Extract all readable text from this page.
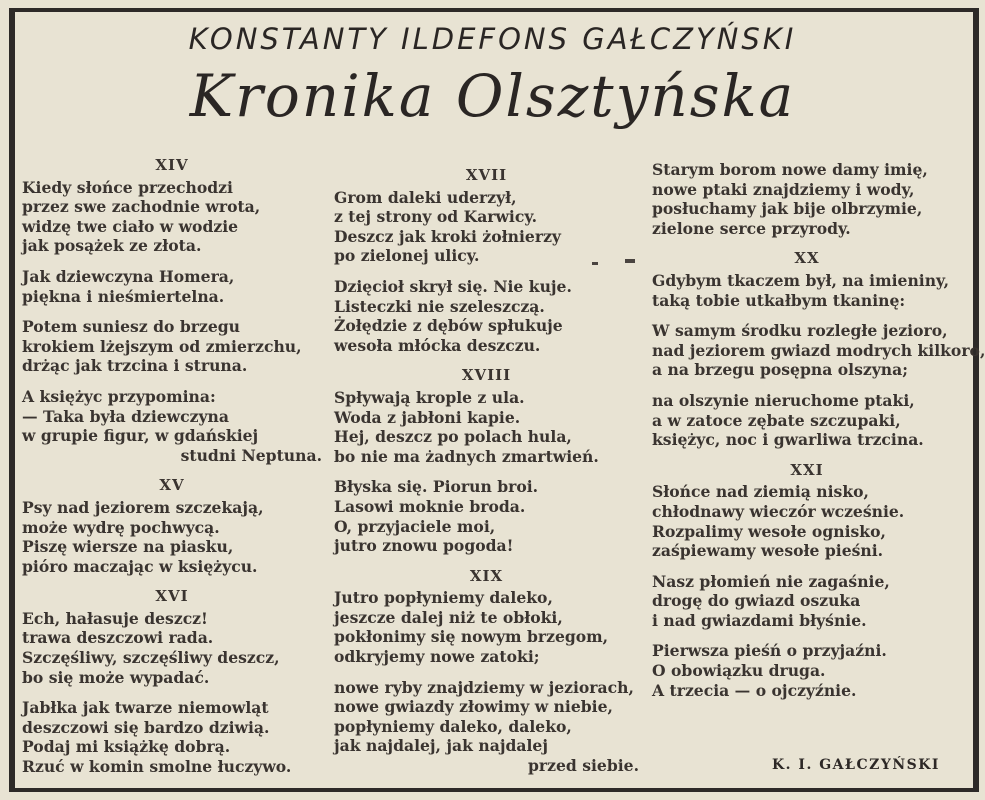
KONSTANTY ILDEFONS GAŁCZYŃSKI
Kronika Olsztyńska
XIV
Kiedy słońce przechodzi
przez swe zachodnie wrota,
widzę twe ciało w wodzie
jak posążek ze złota.
Jak dziewczyna Homera,
piękna i nieśmiertelna.
Potem suniesz do brzegu
krokiem lżejszym od zmierzchu,
drżąc jak trzcina i struna.
A księżyc przypomina:
— Taka była dziewczyna
w grupie figur, w gdańskiej
studni Neptuna.
XV
Psy nad jeziorem szczekają,
może wydrę pochwycą.
Piszę wiersze na piasku,
pióro maczając w księżycu.
XVI
Ech, hałasuje deszcz!
trawa deszczowi rada.
Szczęśliwy, szczęśliwy deszcz,
bo się może wypadać.
Jabłka jak twarze niemowląt
deszczowi się bardzo dziwią.
Podaj mi książkę dobrą.
Rzuć w komin smolne łuczywo.
XVII
Grom daleki uderzył,
z tej strony od Karwicy.
Deszcz jak kroki żołnierzy
po zielonej ulicy.
Dzięcioł skrył się. Nie kuje.
Listeczki nie szeleszczą.
Żołędzie z dębów spłukuje
wesoła młócka deszczu.
XVIII
Spływają krople z ula.
Woda z jabłoni kapie.
Hej, deszcz po polach hula,
bo nie ma żadnych zmartwień.
Błyska się. Piorun broi.
Lasowi moknie broda.
O, przyjaciele moi,
jutro znowu pogoda!
XIX
Jutro popłyniemy daleko,
jeszcze dalej niż te obłoki,
pokłonimy się nowym brzegom,
odkryjemy nowe zatoki;
nowe ryby znajdziemy w jeziorach,
nowe gwiazdy złowimy w niebie,
popłyniemy daleko, daleko,
jak najdalej, jak najdalej
przed siebie.
Starym borom nowe damy imię,
nowe ptaki znajdziemy i wody,
posłuchamy jak bije olbrzymie,
zielone serce przyrody.
XX
Gdybym tkaczem był, na imieniny,
taką tobie utkałbym tkaninę:
W samym środku rozległe jezioro,
nad jeziorem gwiazd modrych kilkoro,
a na brzegu posępna olszyna;
na olszynie nieruchome ptaki,
a w zatoce zębate szczupaki,
księżyc, noc i gwarliwa trzcina.
XXI
Słońce nad ziemią nisko,
chłodnawy wieczór wcześnie.
Rozpalimy wesołe ognisko,
zaśpiewamy wesołe pieśni.
Nasz płomień nie zagaśnie,
drogę do gwiazd oszuka
i nad gwiazdami błyśnie.
Pierwsza pieśń o przyjaźni.
O obowiązku druga.
A trzecia — o ojczyźnie.
K. I. GAŁCZYŃSKI
